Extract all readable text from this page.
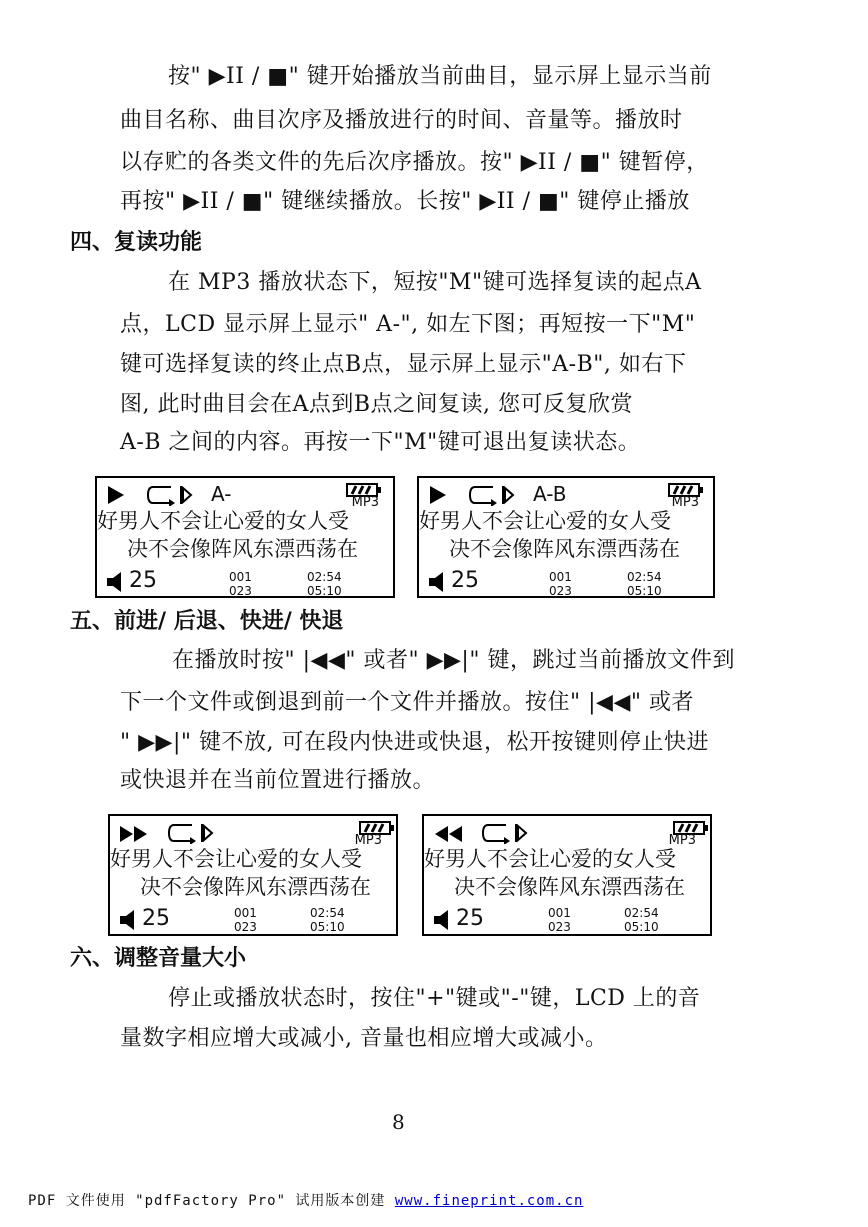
按" ▶II / ■" 键开始播放当前曲目，显示屏上显示当前
曲目名称、曲目次序及播放进行的时间、音量等。播放时
以存贮的各类文件的先后次序播放。按" ▶II / ■" 键暂停，
再按" ▶II / ■" 键继续播放。长按" ▶II / ■" 键停止播放
四、复读功能
在 MP3 播放状态下，短按"M"键可选择复读的起点A
点，LCD 显示屏上显示" A-", 如左下图；再短按一下"M"
键可选择复读的终止点B点，显示屏上显示"A-B", 如右下
图, 此时曲目会在A点到B点之间复读, 您可反复欣赏
A-B 之间的内容。再按一下"M"键可退出复读状态。
A-	MP3
好男人不会让心爱的女人受
决不会像阵风东漂西荡在
25	001
023
02:54
05:10
A-B	MP3
好男人不会让心爱的女人受
决不会像阵风东漂西荡在
25	001
023
02:54
05:10
五、前进/ 后退、快进/ 快退
在播放时按" |◀◀" 或者" ▶▶|" 键，跳过当前播放文件到
下一个文件或倒退到前一个文件并播放。按住" |◀◀" 或者
" ▶▶|" 键不放, 可在段内快进或快退，松开按键则停止快进
或快退并在当前位置进行播放。
MP3
好男人不会让心爱的女人受
决不会像阵风东漂西荡在
25	001
023
02:54
05:10
MP3
好男人不会让心爱的女人受
决不会像阵风东漂西荡在
25	001
023
02:54
05:10
六、调整音量大小
停止或播放状态时，按住"+"键或"-"键，LCD 上的音
量数字相应增大或减小, 音量也相应增大或减小。
8
PDF 文件使用 "pdfFactory Pro" 试用版本创建 www.fineprint.com.cn
